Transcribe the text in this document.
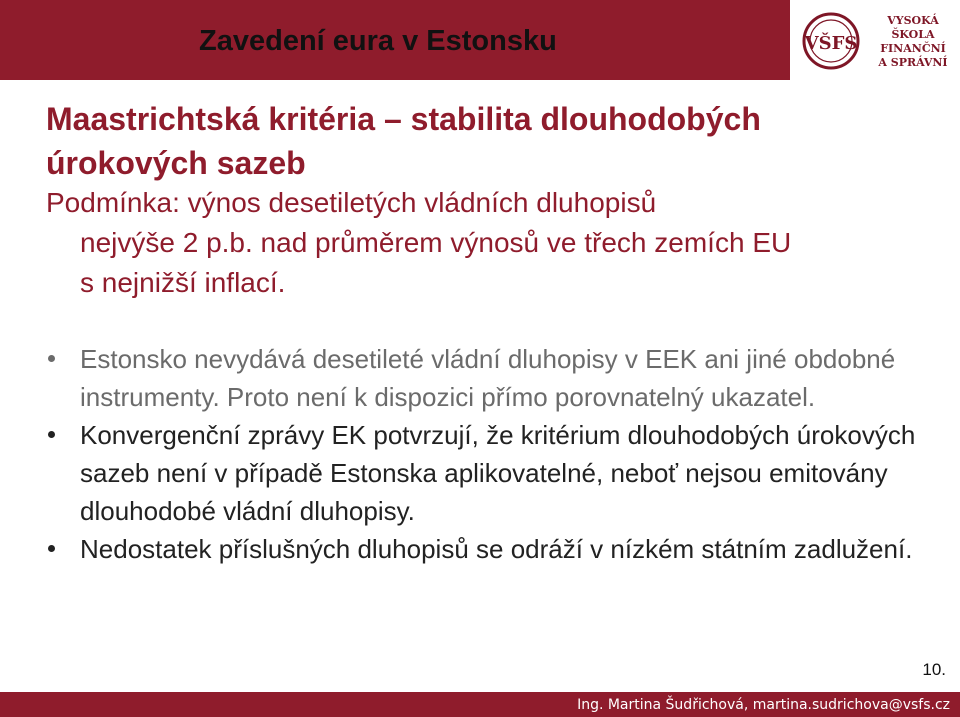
Zavedení eura v Estonsku	VŠFS
VYSOKÁ ŠKOLA
FINANČNÍ
A SPRÁVNÍ
Maastrichtská kritéria – stabilita dlouhodobých úrokových sazeb
Podmínka: výnos desetiletých vládních dluhopisů
nejvýše 2 p.b. nad průměrem výnosů ve třech zemích EU
s nejnižší inflací.
Estonsko nevydává desetileté vládní dluhopisy v EEK ani jiné obdobné instrumenty. Proto není k dispozici přímo porovnatelný ukazatel.
Konvergenční zprávy EK potvrzují, že kritérium dlouhodobých úrokových sazeb není v případě Estonska aplikovatelné, neboť nejsou emitovány dlouhodobé vládní dluhopisy.
Nedostatek příslušných dluhopisů se odráží v nízkém státním zadlužení.
10.
Ing. Martina Šudřichová, martina.sudrichova@vsfs.cz
